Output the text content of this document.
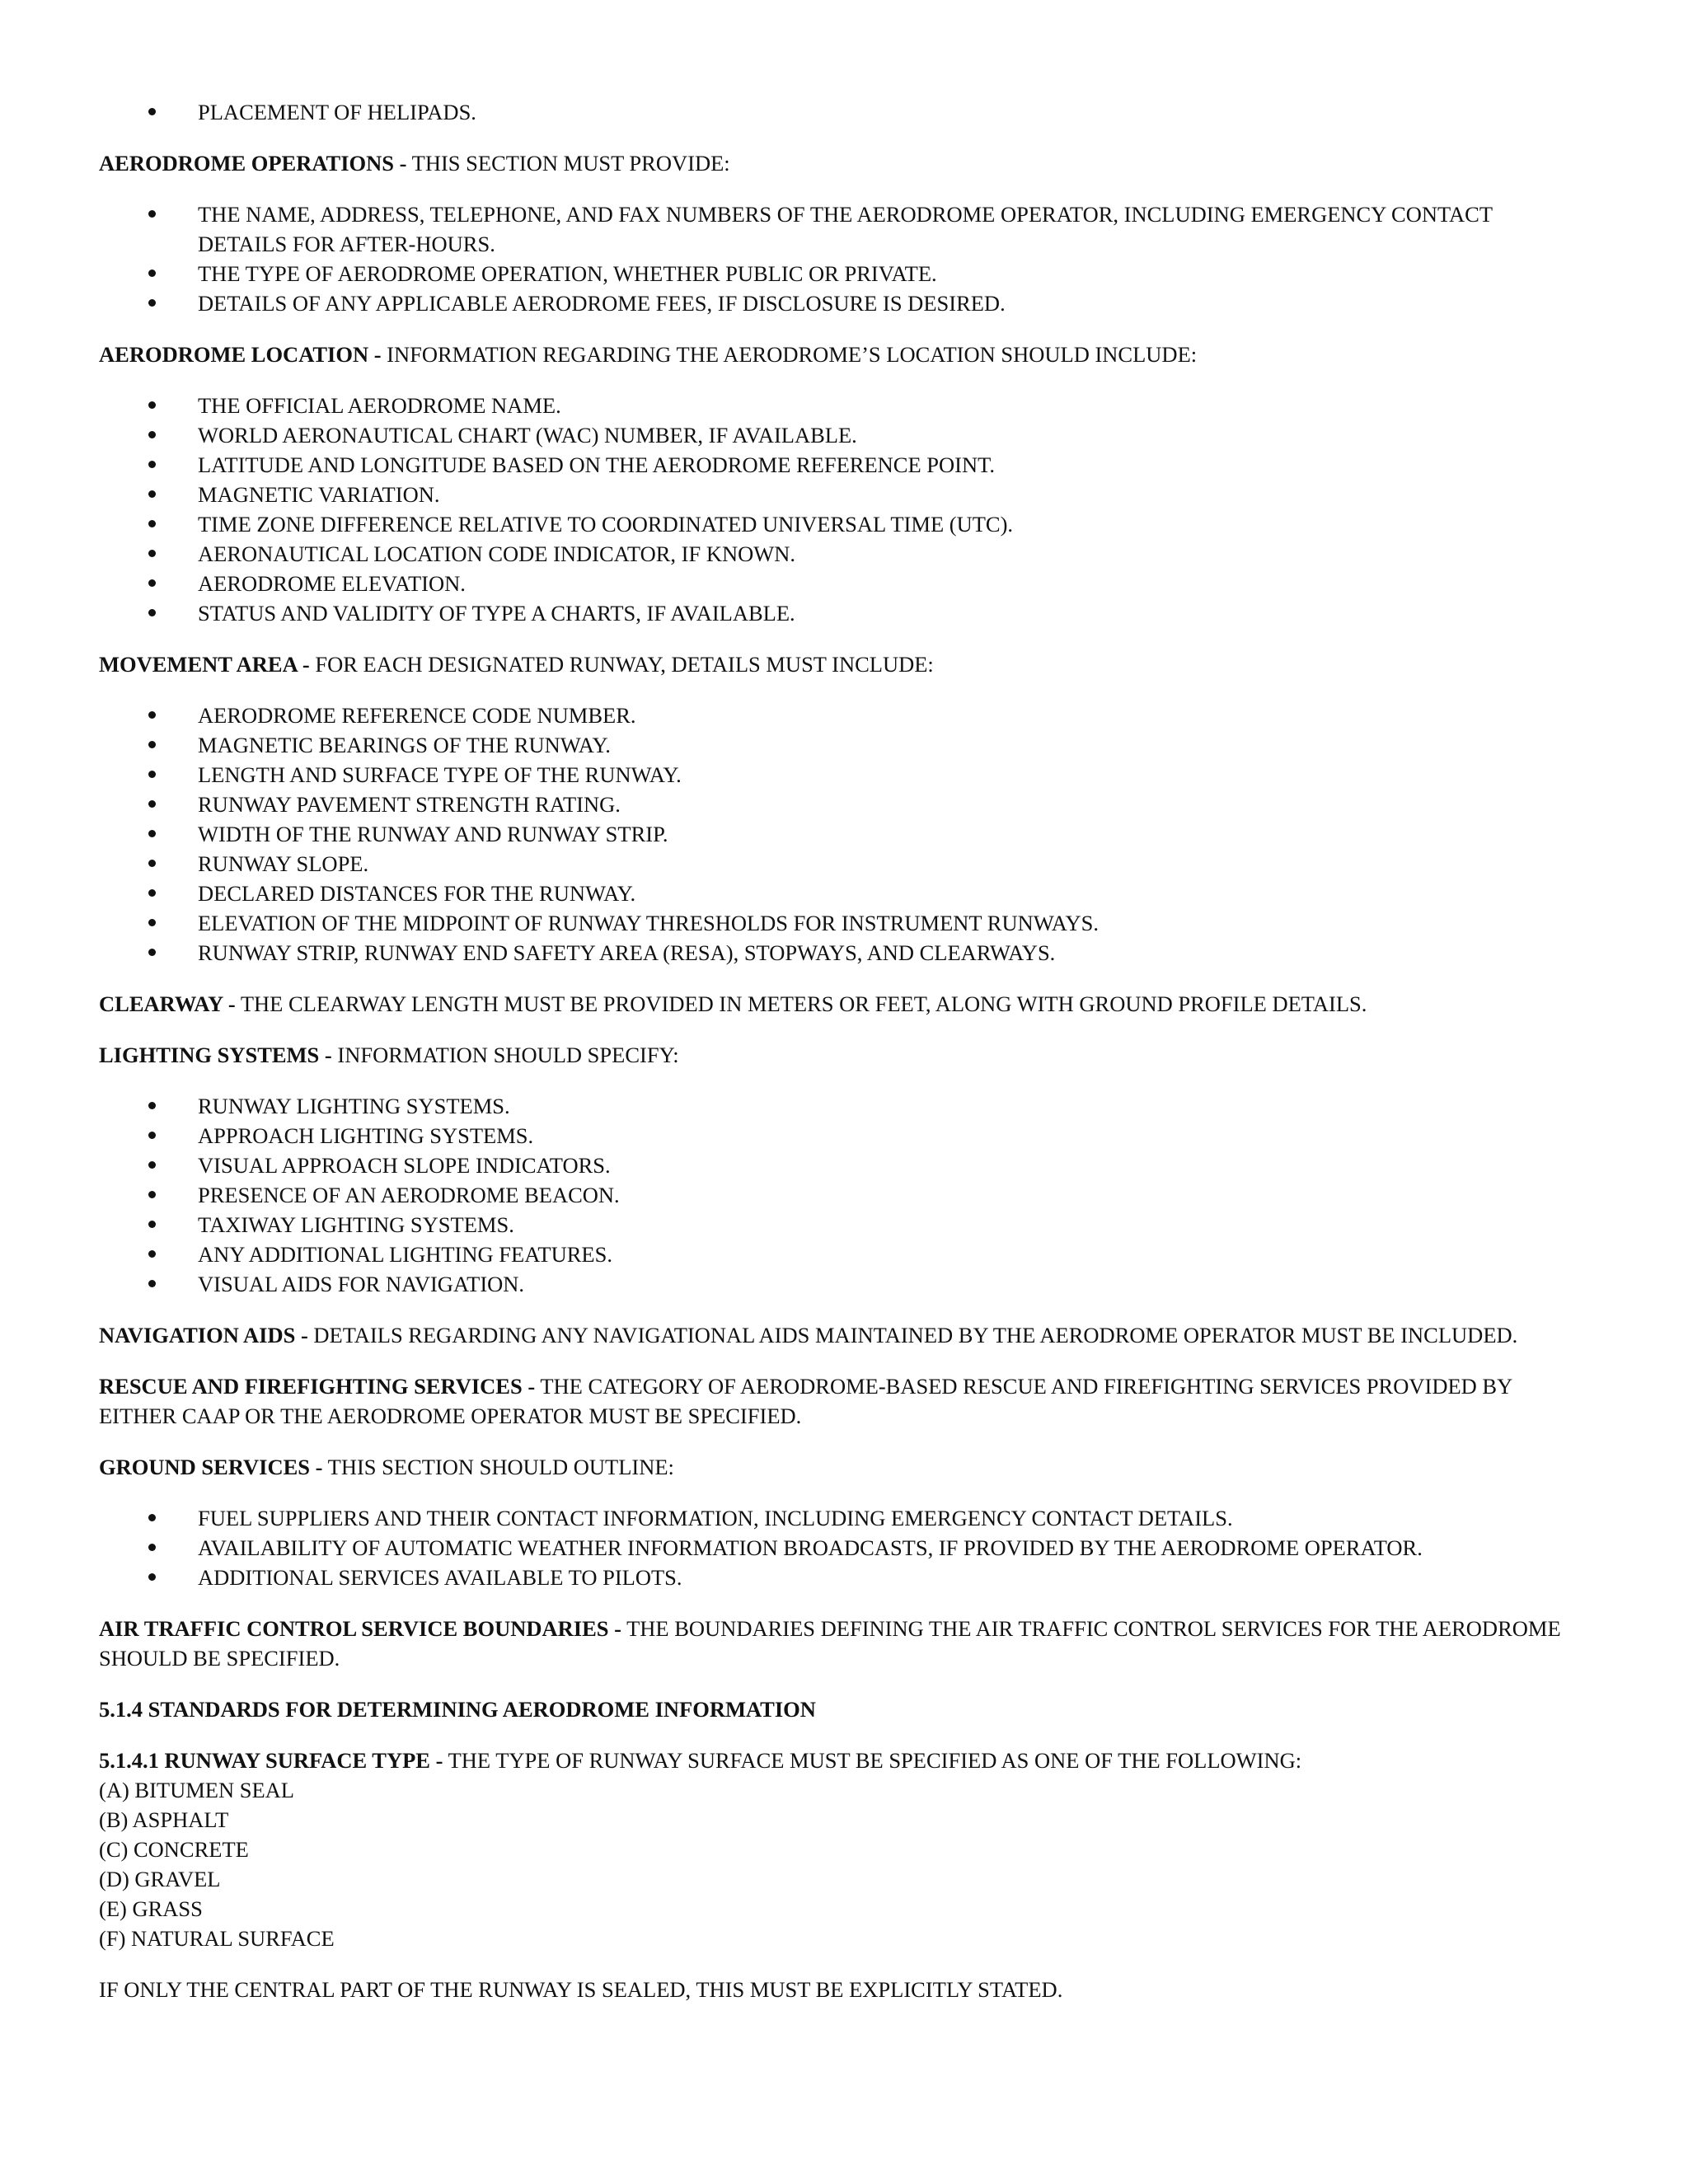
PLACEMENT OF HELIPADS.

AERODROME OPERATIONS - THIS SECTION MUST PROVIDE:

THE NAME, ADDRESS, TELEPHONE, AND FAX NUMBERS OF THE AERODROME OPERATOR, INCLUDING EMERGENCY CONTACT DETAILS FOR AFTER-HOURS.
THE TYPE OF AERODROME OPERATION, WHETHER PUBLIC OR PRIVATE.
DETAILS OF ANY APPLICABLE AERODROME FEES, IF DISCLOSURE IS DESIRED.

AERODROME LOCATION - INFORMATION REGARDING THE AERODROME’S LOCATION SHOULD INCLUDE:

THE OFFICIAL AERODROME NAME.
WORLD AERONAUTICAL CHART (WAC) NUMBER, IF AVAILABLE.
LATITUDE AND LONGITUDE BASED ON THE AERODROME REFERENCE POINT.
MAGNETIC VARIATION.
TIME ZONE DIFFERENCE RELATIVE TO COORDINATED UNIVERSAL TIME (UTC).
AERONAUTICAL LOCATION CODE INDICATOR, IF KNOWN.
AERODROME ELEVATION.
STATUS AND VALIDITY OF TYPE A CHARTS, IF AVAILABLE.

MOVEMENT AREA - FOR EACH DESIGNATED RUNWAY, DETAILS MUST INCLUDE:

AERODROME REFERENCE CODE NUMBER.
MAGNETIC BEARINGS OF THE RUNWAY.
LENGTH AND SURFACE TYPE OF THE RUNWAY.
RUNWAY PAVEMENT STRENGTH RATING.
WIDTH OF THE RUNWAY AND RUNWAY STRIP.
RUNWAY SLOPE.
DECLARED DISTANCES FOR THE RUNWAY.
ELEVATION OF THE MIDPOINT OF RUNWAY THRESHOLDS FOR INSTRUMENT RUNWAYS.
RUNWAY STRIP, RUNWAY END SAFETY AREA (RESA), STOPWAYS, AND CLEARWAYS.

CLEARWAY - THE CLEARWAY LENGTH MUST BE PROVIDED IN METERS OR FEET, ALONG WITH GROUND PROFILE DETAILS.

LIGHTING SYSTEMS - INFORMATION SHOULD SPECIFY:

RUNWAY LIGHTING SYSTEMS.
APPROACH LIGHTING SYSTEMS.
VISUAL APPROACH SLOPE INDICATORS.
PRESENCE OF AN AERODROME BEACON.
TAXIWAY LIGHTING SYSTEMS.
ANY ADDITIONAL LIGHTING FEATURES.
VISUAL AIDS FOR NAVIGATION.

NAVIGATION AIDS - DETAILS REGARDING ANY NAVIGATIONAL AIDS MAINTAINED BY THE AERODROME OPERATOR MUST BE INCLUDED.

RESCUE AND FIREFIGHTING SERVICES - THE CATEGORY OF AERODROME-BASED RESCUE AND FIREFIGHTING SERVICES PROVIDED BY EITHER CAAP OR THE AERODROME OPERATOR MUST BE SPECIFIED.

GROUND SERVICES - THIS SECTION SHOULD OUTLINE:

FUEL SUPPLIERS AND THEIR CONTACT INFORMATION, INCLUDING EMERGENCY CONTACT DETAILS.
AVAILABILITY OF AUTOMATIC WEATHER INFORMATION BROADCASTS, IF PROVIDED BY THE AERODROME OPERATOR.
ADDITIONAL SERVICES AVAILABLE TO PILOTS.

AIR TRAFFIC CONTROL SERVICE BOUNDARIES - THE BOUNDARIES DEFINING THE AIR TRAFFIC CONTROL SERVICES FOR THE AERODROME SHOULD BE SPECIFIED.

5.1.4 STANDARDS FOR DETERMINING AERODROME INFORMATION

5.1.4.1 RUNWAY SURFACE TYPE - THE TYPE OF RUNWAY SURFACE MUST BE SPECIFIED AS ONE OF THE FOLLOWING:
(A) BITUMEN SEAL
(B) ASPHALT
(C) CONCRETE
(D) GRAVEL
(E) GRASS
(F) NATURAL SURFACE

IF ONLY THE CENTRAL PART OF THE RUNWAY IS SEALED, THIS MUST BE EXPLICITLY STATED.
